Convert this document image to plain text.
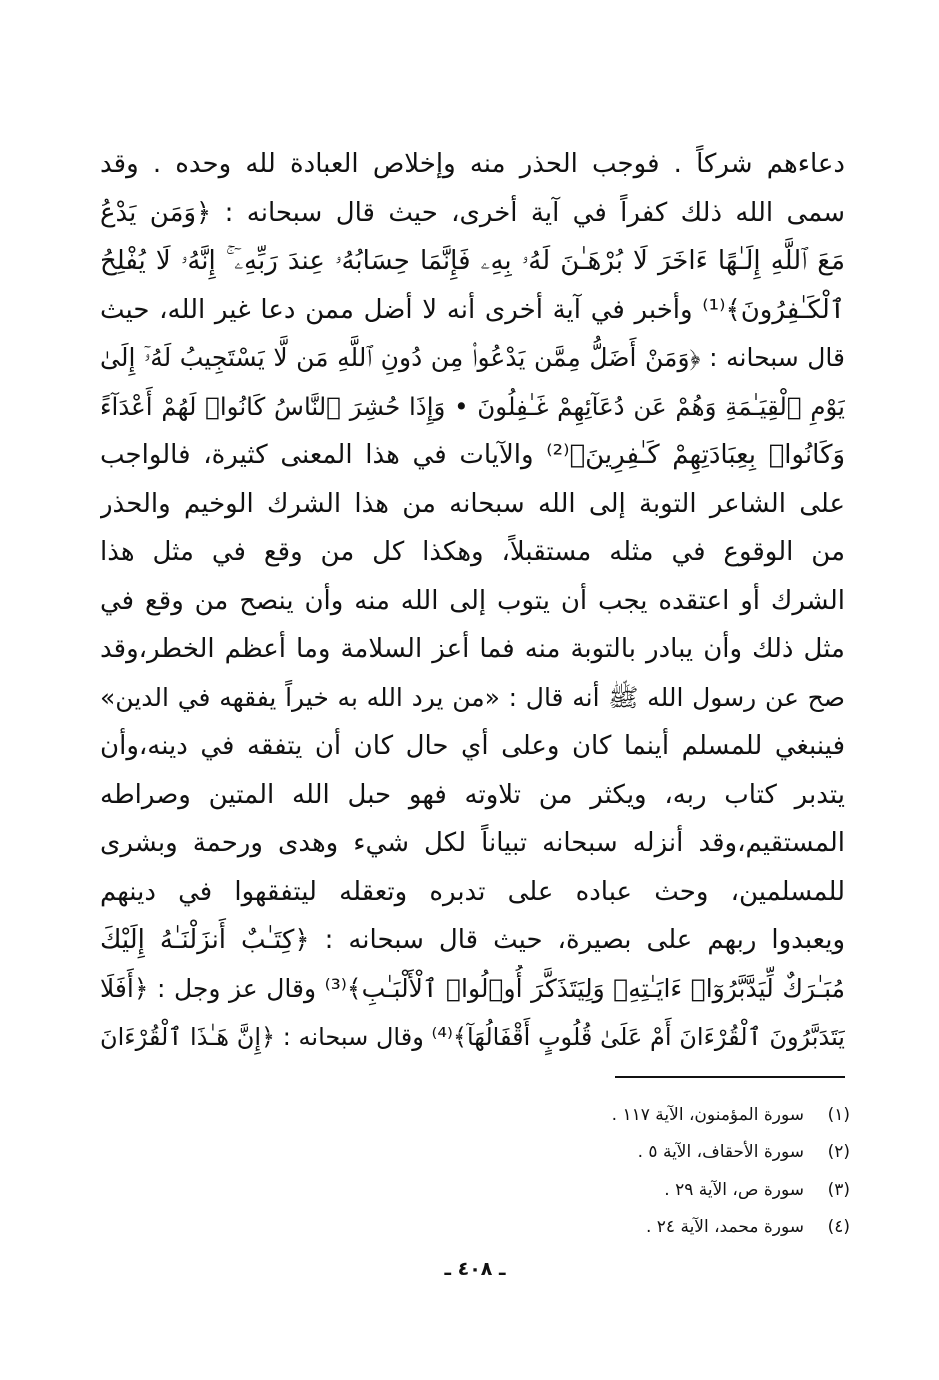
دعاءهم شركاً . فوجب الحذر منه وإخلاص العبادة لله وحده . وقد
سمى الله ذلك كفراً في آية أخرى، حيث قال سبحانه : ﴿وَمَن يَدْعُ
مَعَ ٱللَّهِ إِلَـٰهًا ءَاخَرَ لَا بُرْهَـٰنَ لَهُۥ بِهِۦ فَإِنَّمَا حِسَابُهُۥ عِندَ رَبِّهِۦٓ ۚ إِنَّهُۥ لَا يُفْلِحُ
ٱلْكَـٰفِرُونَ﴾⁽¹⁾ وأخبر في آية أخرى أنه لا أضل ممن دعا غير الله، حيث
قال سبحانه : ﴿وَمَنْ أَضَلُّ مِمَّن يَدْعُوا۟ مِن دُونِ ٱللَّهِ مَن لَّا يَسْتَجِيبُ لَهُۥٓ إِلَىٰ
يَوْمِ ٱلْقِيَـٰمَةِ وَهُمْ عَن دُعَآئِهِمْ غَـٰفِلُونَ • وَإِذَا حُشِرَ ٱلنَّاسُ كَانُوا۟ لَهُمْ أَعْدَآءً
وَكَانُوا۟ بِعِبَادَتِهِمْ كَـٰفِرِينَ﴾⁽²⁾ والآيات في هذا المعنى كثيرة، فالواجب
على الشاعر التوبة إلى الله سبحانه من هذا الشرك الوخيم والحذر
من الوقوع في مثله مستقبلاً، وهكذا كل من وقع في مثل هذا
الشرك أو اعتقده يجب أن يتوب إلى الله منه وأن ينصح من وقع في
مثل ذلك وأن يبادر بالتوبة منه فما أعز السلامة وما أعظم الخطر،وقد
صح عن رسول الله ﷺ أنه قال : «من يرد الله به خيراً يفقهه في الدين»
فينبغي للمسلم أينما كان وعلى أي حال كان أن يتفقه في دينه،وأن
يتدبر كتاب ربه، ويكثر من تلاوته فهو حبل الله المتين وصراطه
المستقيم،وقد أنزله سبحانه تبياناً لكل شيء وهدى ورحمة وبشرى
للمسلمين، وحث عباده على تدبره وتعقله ليتفقهوا في دينهم
ويعبدوا ربهم على بصيرة، حيث قال سبحانه : ﴿كِتَـٰبٌ أَنزَلْنَـٰهُ إِلَيْكَ
مُبَـٰرَكٌ لِّيَدَّبَّرُوٓا۟ ءَايَـٰتِهِۦ وَلِيَتَذَكَّرَ أُو۟لُوا۟ ٱلْأَلْبَـٰبِ﴾⁽³⁾ وقال عز وجل : ﴿أَفَلَا
يَتَدَبَّرُونَ ٱلْقُرْءَانَ أَمْ عَلَىٰ قُلُوبٍ أَقْفَالُهَآ﴾⁽⁴⁾ وقال سبحانه : ﴿إِنَّ هَـٰذَا ٱلْقُرْءَانَ
(١)
سورة المؤمنون، الآية ١١٧ .
(٢)
سورة الأحقاف، الآية ٥ .
(٣)
سورة ص، الآية ٢٩ .
(٤)
سورة محمد، الآية ٢٤ .
ـ ٤٠٨ ـ
